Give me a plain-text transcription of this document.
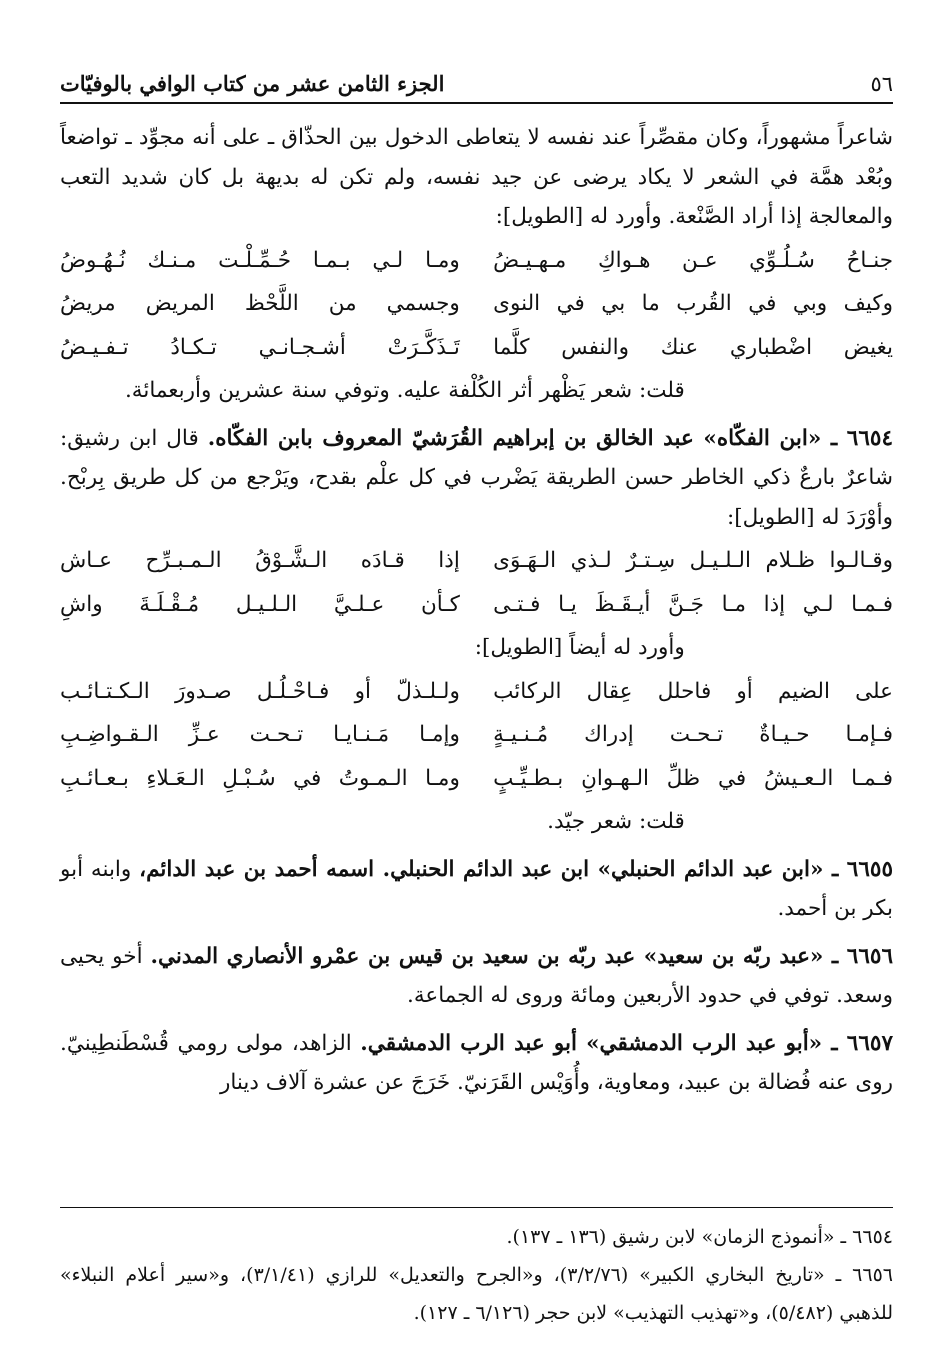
٥٦
الجزء الثامن عشر من كتاب الوافي بالوفيّات

شاعراً مشهوراً، وكان مقصِّراً عند نفسه لا يتعاطى الدخول بين الحذّاق ـ على أنه مجوِّد ـ تواضعاً وبُعْد همَّة في الشعر لا يكاد يرضى عن جيد نفسه، ولم تكن له بديهة بل كان شديد التعب والمعالجة إذا أراد الصَّنْعة. وأورد له [الطويل]:

جنـاحُ سُـلُـوِّي عـن هـواكِ مـهـيـضُ
ومـا لـي بـمـا حُـمِّـلْـت مـنـك نُـهُـوضُ
وكيف وبي في القُرب ما بي في النوى
وجسمي من اللَّحْظ المريض مريضُ
يغيض اضْطباري عنك والنفس كلَّما
تَـذَكَّـرَتْ أشـجـانـي تـكـادُ تـفـيـضُ

قلت: شعر يَظْهر أثر الكُلْفة عليه. وتوفي سنة عشرين وأربعمائة.

٦٦٥٤ ـ «ابن الفكّاه» عبد الخالق بن إبراهيم القُرَشيّ المعروف بابن الفكّاه. قال ابن رشيق: شاعرٌ بارعٌ ذكي الخاطر حسن الطريقة يَضْرب في كل علْم بقدح، ويَرْجع من كل طريق بِربْح. وأوْرَدَ له [الطويل]:

وقـالـوا ظـلام الـلـيـل سِـتـرٌ لـذي الـهَـوَى
إذا قـادَه الـشَّـوْقُ الـمـبـرِّح عـاش
فـمـا لـي إذا مـا جَـنَّ أيـقَـظَ يـا فـتـى
كـأن عـلـيَّ الـلـيـل مُـقْـلَـةَ واشِ

وأورد له أيضاً [الطويل]:

على الضيم أو فاحلل عِقال الركائب
ولـلـذلّ أو فـاحْـلُـل صـدورَ الـكـتـائـب
فـإمـا حـيـاةٌ تـحـت إدراك مُـنـيـةٍ
وإمـا مَـنـايـا تـحـت عـزِّ الـقـواضِـبِ
فـمـا الـعـيشُ في ظلِّ الـهـوانِ بـطـيِّـبٍ
ومـا الـمـوتُ في سُـبْـلِ الـعَـلاءِ بـعـائـبِ

قلت: شعر جيّد.

٦٦٥٥ ـ «ابن عبد الدائم الحنبلي» ابن عبد الدائم الحنبلي. اسمه أحمد بن عبد الدائم، وابنه أبو بكر بن أحمد.

٦٦٥٦ ـ «عبد ربّه بن سعيد» عبد ربّه بن سعيد بن قيس بن عمْرو الأنصاري المدني. أخو يحيى وسعد. توفي في حدود الأربعين ومائة وروى له الجماعة.

٦٦٥٧ ـ «أبو عبد الرب الدمشقي» أبو عبد الرب الدمشقي. الزاهد، مولى رومي قُسْطَنطِينيّ. روى عنه فُضالة بن عبيد، ومعاوية، وأُوَيْس القَرَنيّ. خَرَجَ عن عشرة آلاف دينار

٦٦٥٤ ـ «أنموذج الزمان» لابن رشيق (١٣٦ ـ ١٣٧).

٦٦٥٦ ـ «تاريخ البخاري الكبير» (٣/٢/٧٦)، و«الجرح والتعديل» للرازي (٣/١/٤١)، و«سير أعلام النبلاء» للذهبي (٥/٤٨٢)، و«تهذيب التهذيب» لابن حجر (٦/١٢٦ ـ ١٢٧).
